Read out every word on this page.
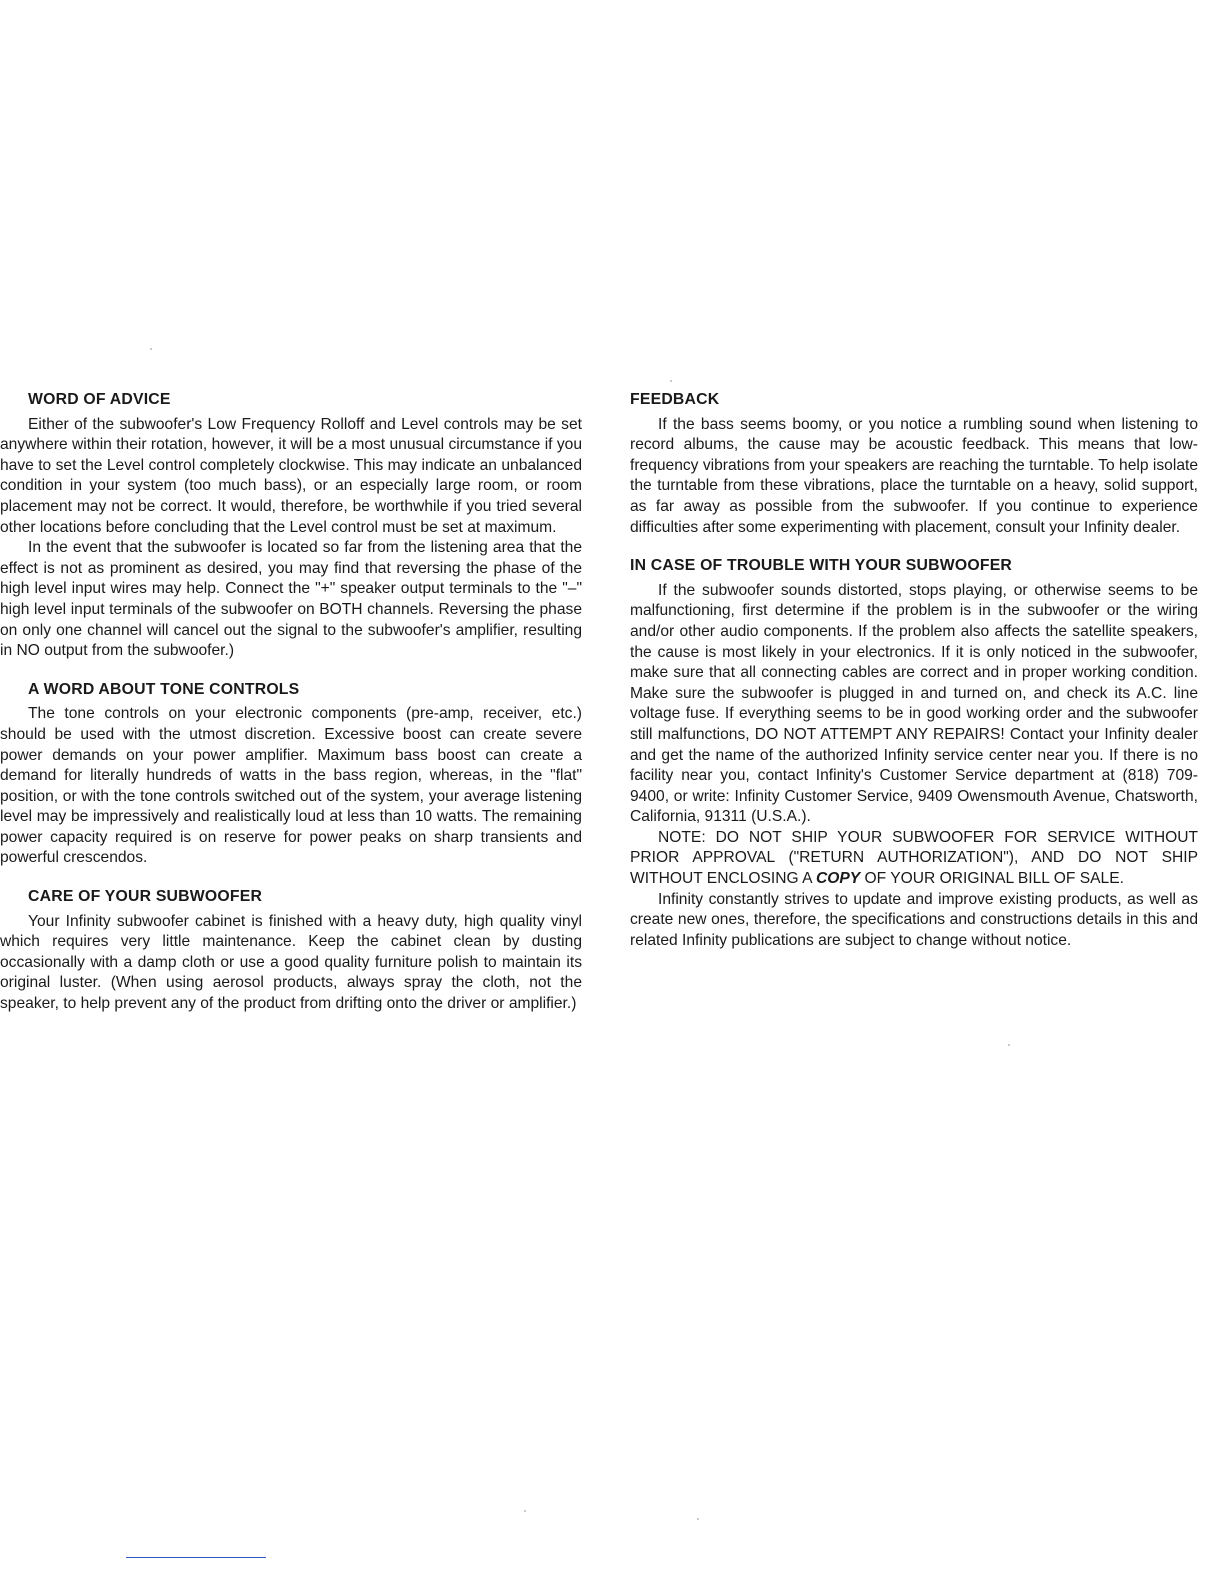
WORD OF ADVICE

Either of the subwoofer's Low Frequency Rolloff and Level controls may be set anywhere within their rotation, however, it will be a most unusual circumstance if you have to set the Level control completely clockwise. This may indicate an unbalanced condition in your system (too much bass), or an especially large room, or room placement may not be correct. It would, therefore, be worthwhile if you tried several other locations before concluding that the Level control must be set at maximum.

In the event that the subwoofer is located so far from the listening area that the effect is not as prominent as desired, you may find that reversing the phase of the high level input wires may help. Connect the "+" speaker output terminals to the "–" high level input terminals of the subwoofer on BOTH channels. Reversing the phase on only one channel will cancel out the signal to the subwoofer's amplifier, resulting in NO output from the subwoofer.)

A WORD ABOUT TONE CONTROLS

The tone controls on your electronic components (pre-amp, receiver, etc.) should be used with the utmost discretion. Excessive boost can create severe power demands on your power amplifier. Maximum bass boost can create a demand for literally hundreds of watts in the bass region, whereas, in the "flat" position, or with the tone controls switched out of the system, your average listening level may be impressively and realistically loud at less than 10 watts. The remaining power capacity required is on reserve for power peaks on sharp transients and powerful crescendos.

CARE OF YOUR SUBWOOFER

Your Infinity subwoofer cabinet is finished with a heavy duty, high quality vinyl which requires very little maintenance. Keep the cabinet clean by dusting occasionally with a damp cloth or use a good quality furniture polish to maintain its original luster. (When using aerosol products, always spray the cloth, not the speaker, to help prevent any of the product from drifting onto the driver or amplifier.)

FEEDBACK

If the bass seems boomy, or you notice a rumbling sound when listening to record albums, the cause may be acoustic feedback. This means that low-frequency vibrations from your speakers are reaching the turntable. To help isolate the turntable from these vibrations, place the turntable on a heavy, solid support, as far away as possible from the subwoofer. If you continue to experience difficulties after some experimenting with placement, consult your Infinity dealer.

IN CASE OF TROUBLE WITH YOUR SUBWOOFER

If the subwoofer sounds distorted, stops playing, or otherwise seems to be malfunctioning, first determine if the problem is in the subwoofer or the wiring and/or other audio components. If the problem also affects the satellite speakers, the cause is most likely in your electronics. If it is only noticed in the subwoofer, make sure that all connecting cables are correct and in proper working condition. Make sure the subwoofer is plugged in and turned on, and check its A.C. line voltage fuse. If everything seems to be in good working order and the subwoofer still malfunctions, DO NOT ATTEMPT ANY REPAIRS! Contact your Infinity dealer and get the name of the authorized Infinity service center near you. If there is no facility near you, contact Infinity's Customer Service department at (818) 709-9400, or write: Infinity Customer Service, 9409 Owensmouth Avenue, Chatsworth, California, 91311 (U.S.A.).

NOTE: DO NOT SHIP YOUR SUBWOOFER FOR SERVICE WITHOUT PRIOR APPROVAL ("RETURN AUTHORIZATION"), AND DO NOT SHIP WITHOUT ENCLOSING A COPY OF YOUR ORIGINAL BILL OF SALE.

Infinity constantly strives to update and improve existing products, as well as create new ones, therefore, the specifications and constructions details in this and related Infinity publications are subject to change without notice.
